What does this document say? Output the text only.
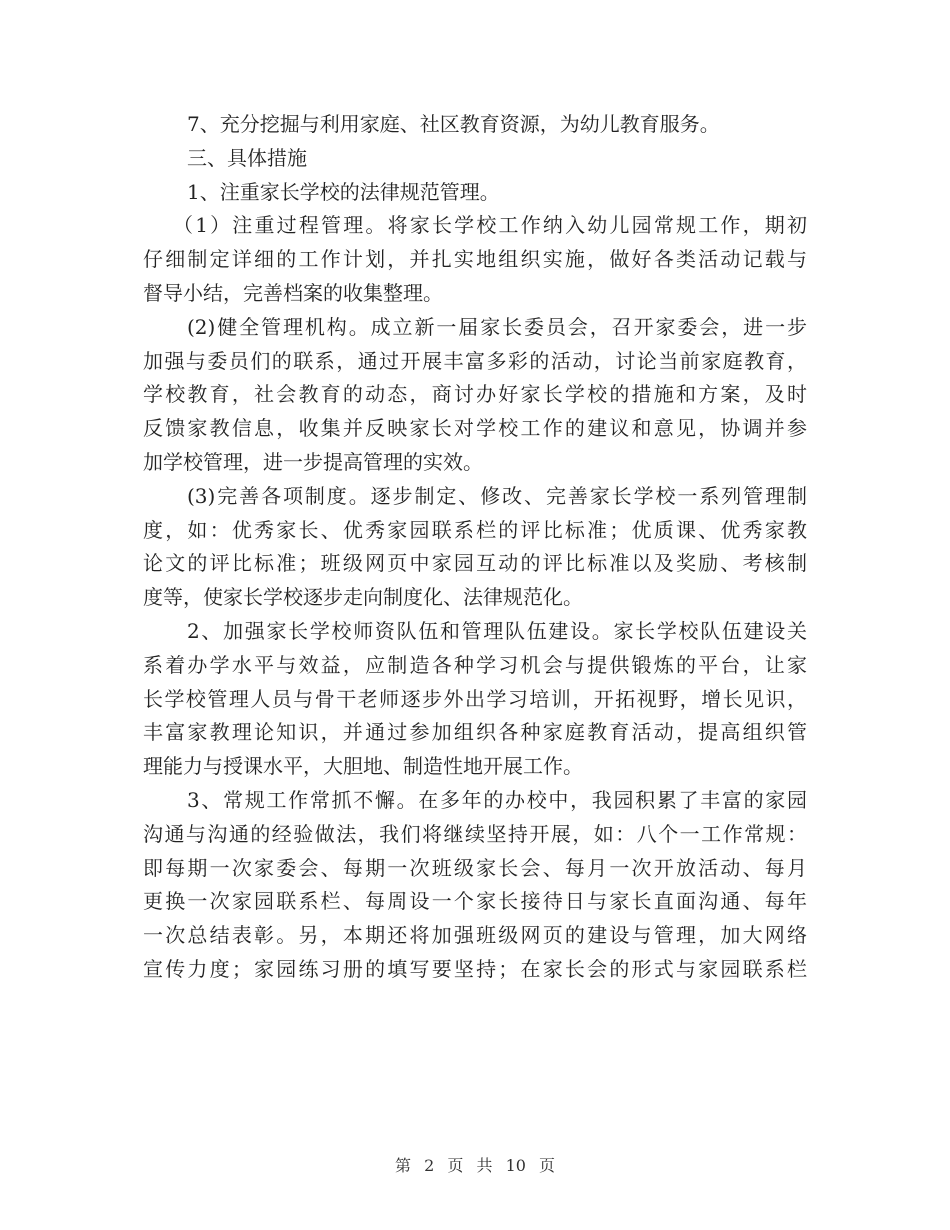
7、充分挖掘与利用家庭、社区教育资源，为幼儿教育服务。
三、具体措施
1、注重家长学校的法律规范管理。
（1）注重过程管理。将家长学校工作纳入幼儿园常规工作，期初
仔细制定详细的工作计划，并扎实地组织实施，做好各类活动记载与
督导小结，完善档案的收集整理。
(2)健全管理机构。成立新一届家长委员会，召开家委会，进一步
加强与委员们的联系，通过开展丰富多彩的活动，讨论当前家庭教育，
学校教育，社会教育的动态，商讨办好家长学校的措施和方案，及时
反馈家教信息，收集并反映家长对学校工作的建议和意见，协调并参
加学校管理，进一步提高管理的实效。
(3)完善各项制度。逐步制定、修改、完善家长学校一系列管理制
度，如：优秀家长、优秀家园联系栏的评比标准；优质课、优秀家教
论文的评比标准；班级网页中家园互动的评比标准以及奖励、考核制
度等，使家长学校逐步走向制度化、法律规范化。
2、加强家长学校师资队伍和管理队伍建设。家长学校队伍建设关
系着办学水平与效益，应制造各种学习机会与提供锻炼的平台，让家
长学校管理人员与骨干老师逐步外出学习培训，开拓视野，增长见识，
丰富家教理论知识，并通过参加组织各种家庭教育活动，提高组织管
理能力与授课水平，大胆地、制造性地开展工作。
3、常规工作常抓不懈。在多年的办校中，我园积累了丰富的家园
沟通与沟通的经验做法，我们将继续坚持开展，如：八个一工作常规：
即每期一次家委会、每期一次班级家长会、每月一次开放活动、每月
更换一次家园联系栏、每周设一个家长接待日与家长直面沟通、每年
一次总结表彰。另，本期还将加强班级网页的建设与管理，加大网络
宣传力度；家园练习册的填写要坚持；在家长会的形式与家园联系栏
第 2 页 共 10 页
